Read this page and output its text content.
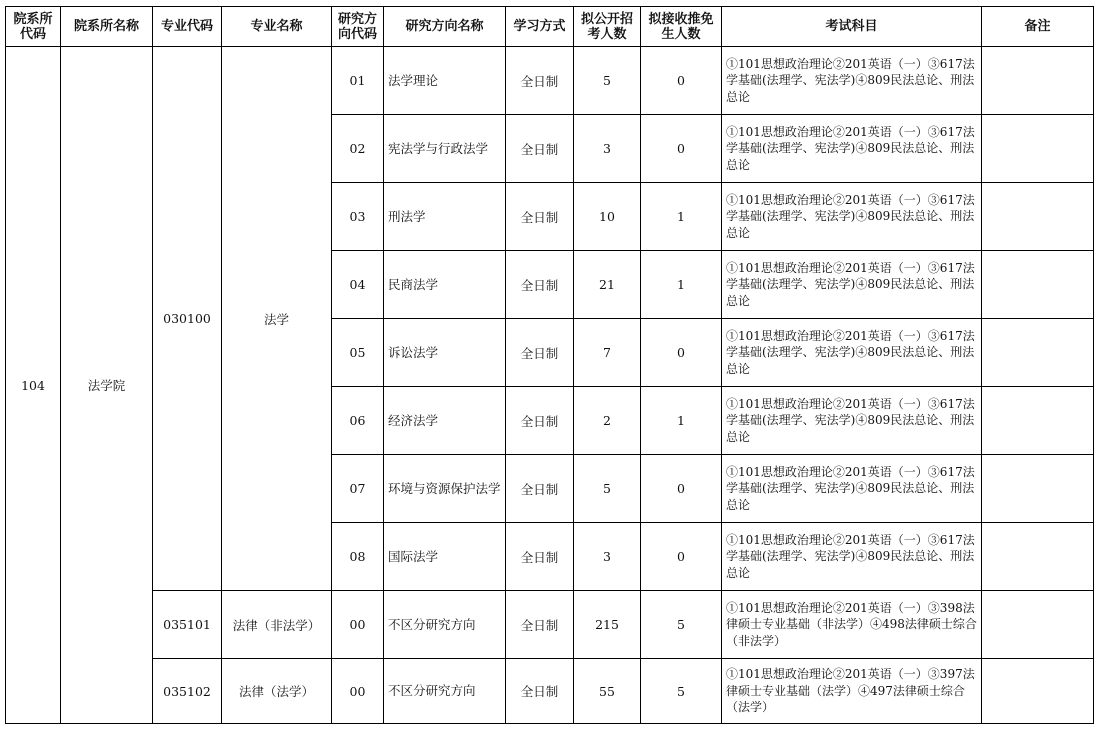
院系所代码	院系所名称	专业代码	专业名称	研究方向代码	研究方向名称	学习方式	拟公开招考人数	拟接收推免生人数	考试科目	备注
104	法学院	030100	法学	01	法学理论	全日制	5	0	①101思想政治理论②201英语（一）③617法学基础(法理学、宪法学)④809民法总论、刑法总论	
				02	宪法学与行政法学	全日制	3	0	①101思想政治理论②201英语（一）③617法学基础(法理学、宪法学)④809民法总论、刑法总论	
				03	刑法学	全日制	10	1	①101思想政治理论②201英语（一）③617法学基础(法理学、宪法学)④809民法总论、刑法总论	
				04	民商法学	全日制	21	1	①101思想政治理论②201英语（一）③617法学基础(法理学、宪法学)④809民法总论、刑法总论	
				05	诉讼法学	全日制	7	0	①101思想政治理论②201英语（一）③617法学基础(法理学、宪法学)④809民法总论、刑法总论	
				06	经济法学	全日制	2	1	①101思想政治理论②201英语（一）③617法学基础(法理学、宪法学)④809民法总论、刑法总论	
				07	环境与资源保护法学	全日制	5	0	①101思想政治理论②201英语（一）③617法学基础(法理学、宪法学)④809民法总论、刑法总论	
				08	国际法学	全日制	3	0	①101思想政治理论②201英语（一）③617法学基础(法理学、宪法学)④809民法总论、刑法总论	
		035101	法律（非法学）	00	不区分研究方向	全日制	215	5	①101思想政治理论②201英语（一）③398法律硕士专业基础（非法学）④498法律硕士综合（非法学）	
		035102	法律（法学）	00	不区分研究方向	全日制	55	5	①101思想政治理论②201英语（一）③397法律硕士专业基础（法学）④497法律硕士综合（法学）	
